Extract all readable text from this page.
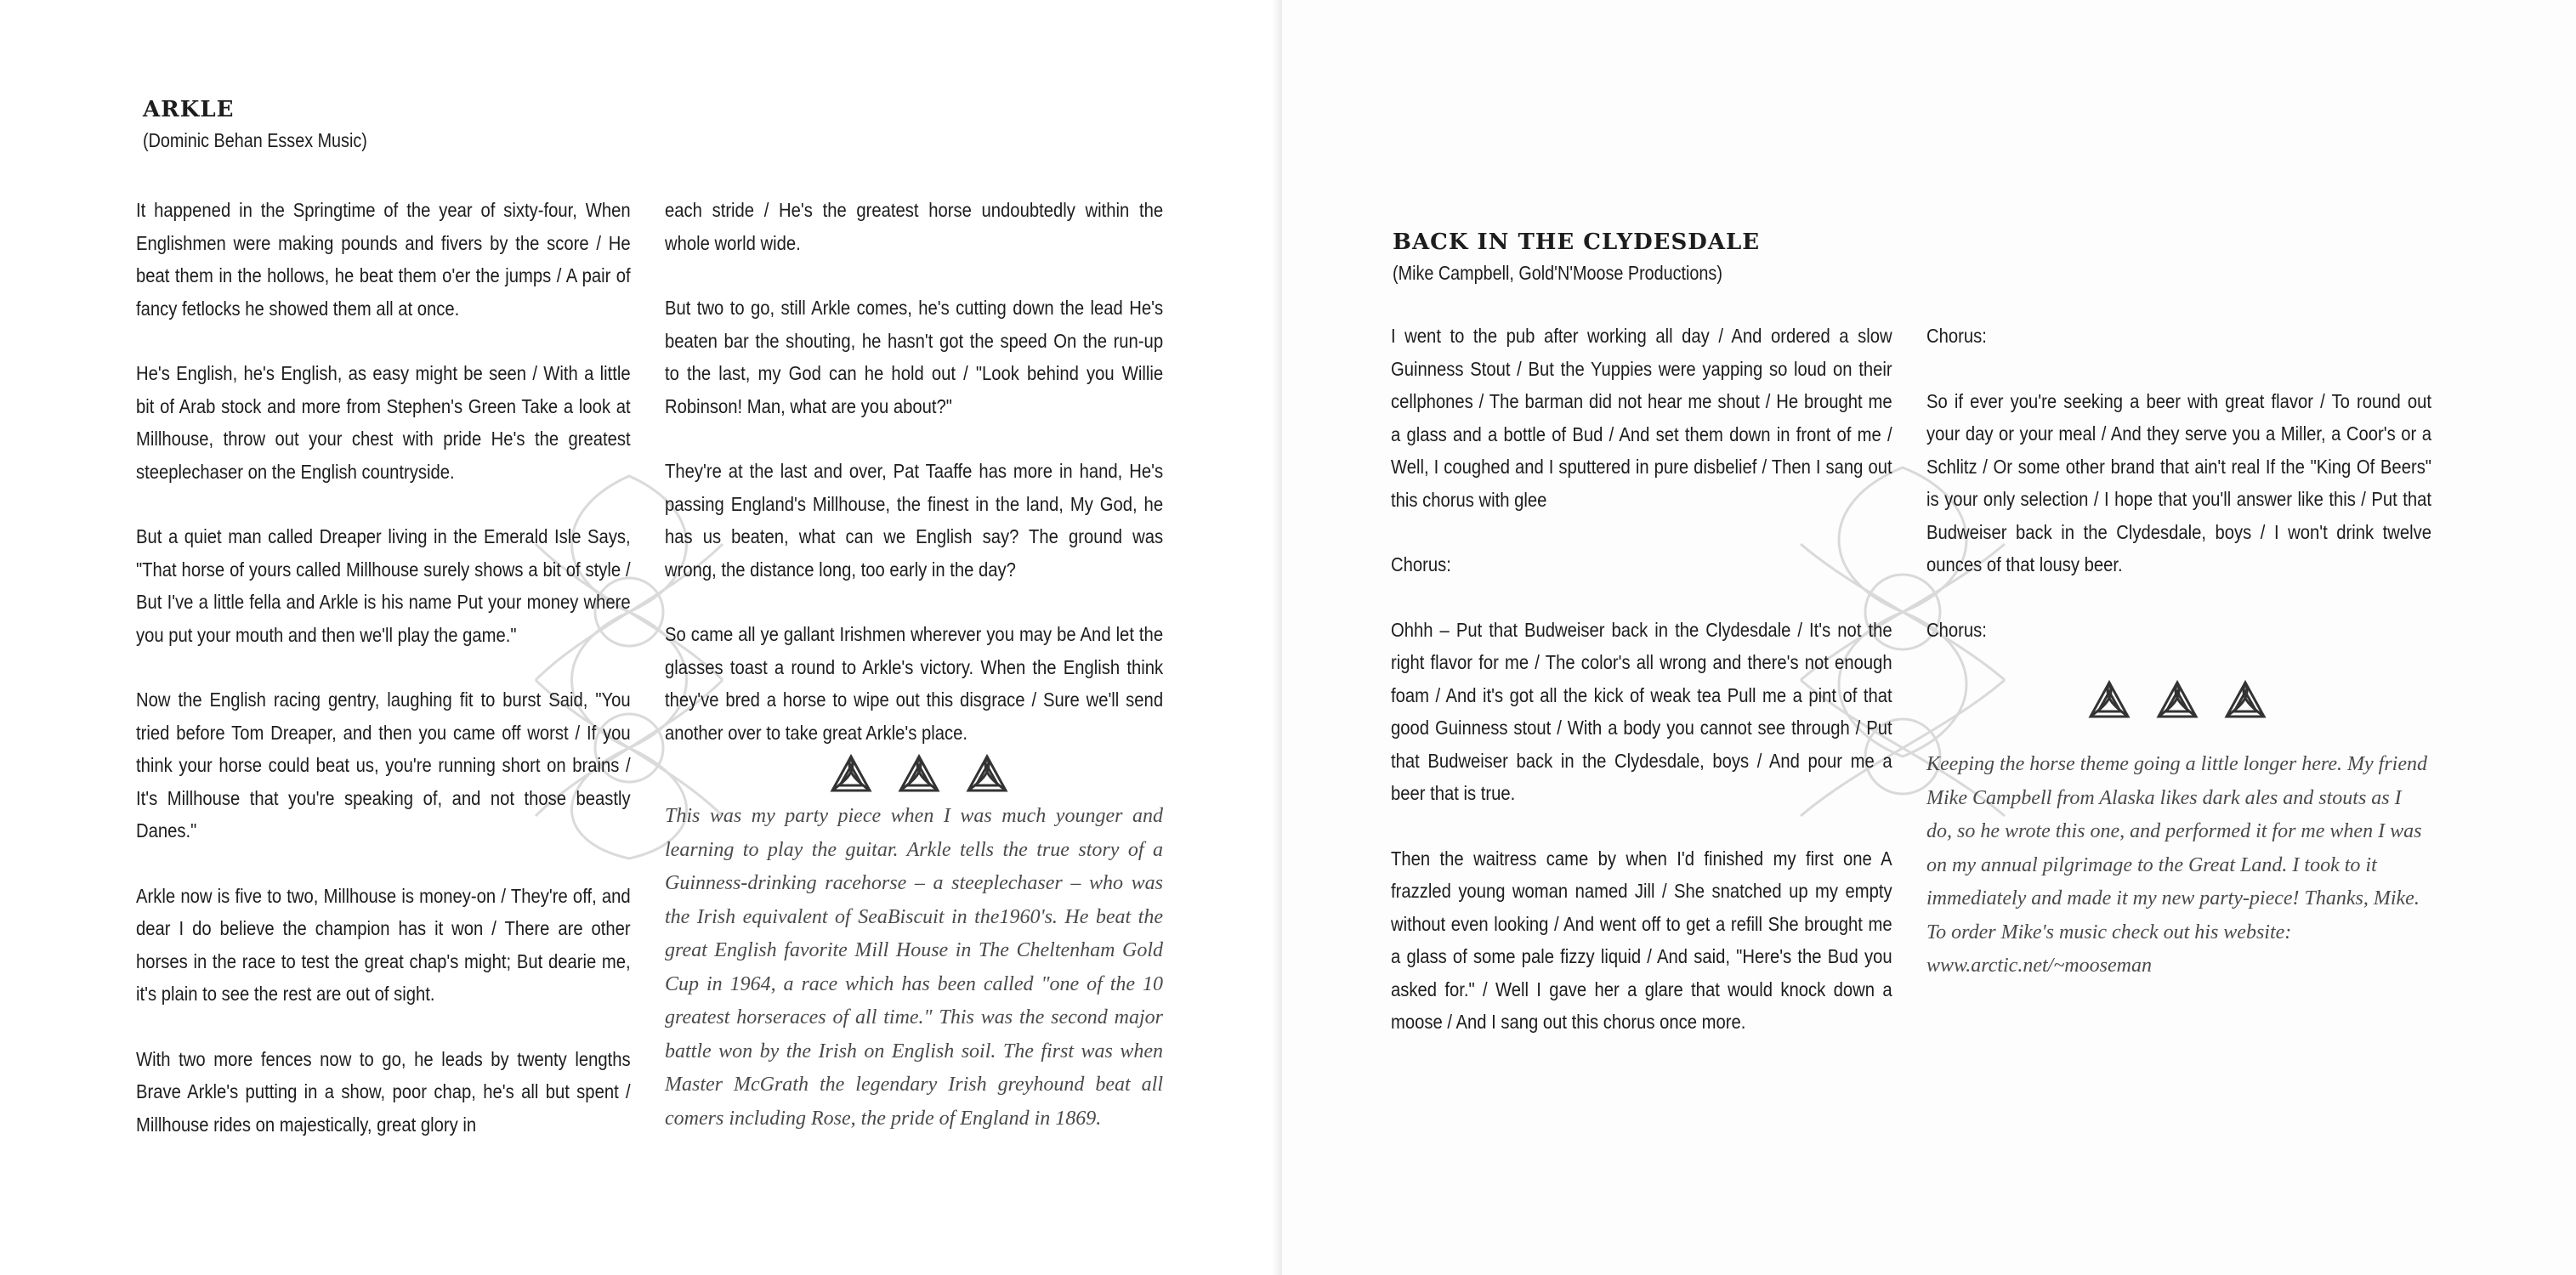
ARKLE
(Dominic Behan Essex Music)

It happened in the Springtime of the year of sixty-four, When Englishmen were making pounds and fivers by the score / He beat them in the hollows, he beat them o'er the jumps / A pair of fancy fetlocks he showed them all at once.

He's English, he's English, as easy might be seen / With a little bit of Arab stock and more from Stephen's Green Take a look at Millhouse, throw out your chest with pride He's the greatest steeplechaser on the English countryside.

But a quiet man called Dreaper living in the Emerald Isle Says, "That horse of yours called Millhouse surely shows a bit of style / But I've a little fella and Arkle is his name Put your money where you put your mouth and then we'll play the game."

Now the English racing gentry, laughing fit to burst Said, "You tried before Tom Dreaper, and then you came off worst / If you think your horse could beat us, you're running short on brains / It's Millhouse that you're speaking of, and not those beastly Danes."

Arkle now is five to two, Millhouse is money-on / They're off, and dear I do believe the champion has it won / There are other horses in the race to test the great chap's might; But dearie me, it's plain to see the rest are out of sight.

With two more fences now to go, he leads by twenty lengths Brave Arkle's putting in a show, poor chap, he's all but spent / Millhouse rides on majestically, great glory in

each stride / He's the greatest horse undoubtedly within the whole world wide.

But two to go, still Arkle comes, he's cutting down the lead He's beaten bar the shouting, he hasn't got the speed On the run-up to the last, my God can he hold out / "Look behind you Willie Robinson! Man, what are you about?"

They're at the last and over, Pat Taaffe has more in hand, He's passing England's Millhouse, the finest in the land, My God, he has us beaten, what can we English say? The ground was wrong, the distance long, too early in the day?

So came all ye gallant Irishmen wherever you may be And let the glasses toast a round to Arkle's victory. When the English think they've bred a horse to wipe out this disgrace / Sure we'll send another over to take great Arkle's place.

This was my party piece when I was much younger and learning to play the guitar. Arkle tells the true story of a Guinness-drinking racehorse – a steeplechaser – who was the Irish equivalent of SeaBiscuit in the1960's. He beat the great English favorite Mill House in The Cheltenham Gold Cup in 1964, a race which has been called "one of the 10 greatest horseraces of all time." This was the second major battle won by the Irish on English soil. The first was when Master McGrath the legendary Irish greyhound beat all comers including Rose, the pride of England in 1869.

BACK IN THE CLYDESDALE
(Mike Campbell, Gold'N'Moose Productions)

I went to the pub after working all day / And ordered a slow Guinness Stout / But the Yuppies were yapping so loud on their cellphones / The barman did not hear me shout / He brought me a glass and a bottle of Bud / And set them down in front of me / Well, I coughed and I sputtered in pure disbelief / Then I sang out this chorus with glee

Chorus:

Ohhh – Put that Budweiser back in the Clydesdale / It's not the right flavor for me / The color's all wrong and there's not enough foam / And it's got all the kick of weak tea Pull me a pint of that good Guinness stout / With a body you cannot see through / Put that Budweiser back in the Clydesdale, boys / And pour me a beer that is true.

Then the waitress came by when I'd finished my first one A frazzled young woman named Jill / She snatched up my empty without even looking / And went off to get a refill She brought me a glass of some pale fizzy liquid / And said, "Here's the Bud you asked for." / Well I gave her a glare that would knock down a moose / And I sang out this chorus once more.

Chorus:

So if ever you're seeking a beer with great flavor / To round out your day or your meal / And they serve you a Miller, a Coor's or a Schlitz / Or some other brand that ain't real If the "King Of Beers" is your only selection / I hope that you'll answer like this / Put that Budweiser back in the Clydesdale, boys / I won't drink twelve ounces of that lousy beer.

Chorus:

Keeping the horse theme going a little longer here. My friend Mike Campbell from Alaska likes dark ales and stouts as I do, so he wrote this one, and performed it for me when I was on my annual pilgrimage to the Great Land. I took to it immediately and made it my new party-piece! Thanks, Mike. To order Mike's music check out his website: www.arctic.net/~mooseman
